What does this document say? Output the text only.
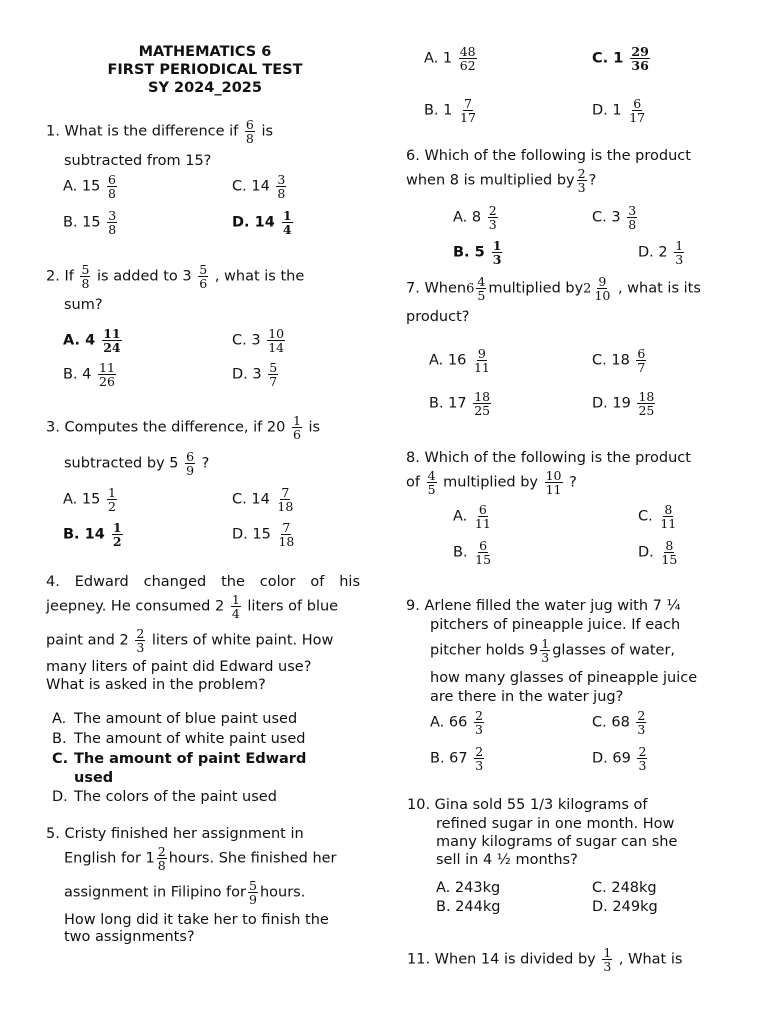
MATHEMATICS 6
FIRST PERIODICAL TEST
SY 2024_2025
1. What is the difference if $\frac{6}{8}$ is
subtracted from 15?
A. $15 \frac{6}{8}$	C. $14 \frac{3}{8}$
B. $15 \frac{3}{8}$	D. $14 \frac{1}{4}$
2. If $\frac{5}{8}$ is added to $3 \frac{5}{6}$ , what is the
sum?
A. $4 \frac{11}{24}$	C. $3 \frac{10}{14}$
B. $4 \frac{11}{26}$	D. $3 \frac{5}{7}$
3. Computes the difference, if $20 \frac{1}{6}$ is
subtracted by $5 \frac{6}{9}$ ?
A. $15 \frac{1}{2}$	C. $14 \frac{7}{18}$
B. $14 \frac{1}{2}$	D. $15 \frac{7}{18}$
4. Edward changed the color of his
jeepney. He consumed $2 \frac{1}{4}$ liters of blue
paint and $2 \frac{2}{3}$ liters of white paint. How
many liters of paint did Edward use?
What is asked in the problem?
A. The amount of blue paint used
B. The amount of white paint used
C. The amount of paint Edward
used
D. The colors of the paint used
5. Cristy finished her assignment in
English for $1 \frac{2}{8}$ hours. She finished her
assignment in Filipino for $\frac{5}{9}$ hours.
How long did it take her to finish the
two assignments?
A. $1 \frac{48}{62}$	C. $1 \frac{29}{36}$
B. $1 \frac{7}{17}$	D. $1 \frac{6}{17}$
6. Which of the following is the product
when 8 is multiplied by $\frac{2}{3}$ ?
A. $8 \frac{2}{3}$	C. $3 \frac{3}{8}$
B. $5 \frac{1}{3}$	D. $2 \frac{1}{3}$
7. When6 $\frac{4}{5}$ multiplied $by2 \frac{9}{10}$ , what is its
product?
A. $16 \frac{9}{11}$	C. $18 \frac{6}{7}$
B. $17 \frac{18}{25}$	D. $19 \frac{18}{25}$
8. Which of the following is the product
of $\frac{4}{5}$ multiplied by $\frac{10}{11}$ ?
A. $\frac{6}{11}$	C. $\frac{8}{11}$
B. $\frac{6}{15}$	D. $\frac{8}{15}$
9. Arlene filled the water jug with 7 ¼
pitchers of pineapple juice. If each
pitcher holds $9 \frac{1}{3}$ glasses of water,
how many glasses of pineapple juice
are there in the water jug?
A. $66 \frac{2}{3}$	C. $68 \frac{2}{3}$
B. $67 \frac{2}{3}$	D. $69 \frac{2}{3}$
10. Gina sold 55 1/3 kilograms of
refined sugar in one month. How
many kilograms of sugar can she
sell in 4 ½ months?
A. 243kg	C. 248kg
B. 244kg	D. 249kg
11. When 14 is divided by $\frac{1}{3}$ , What is
